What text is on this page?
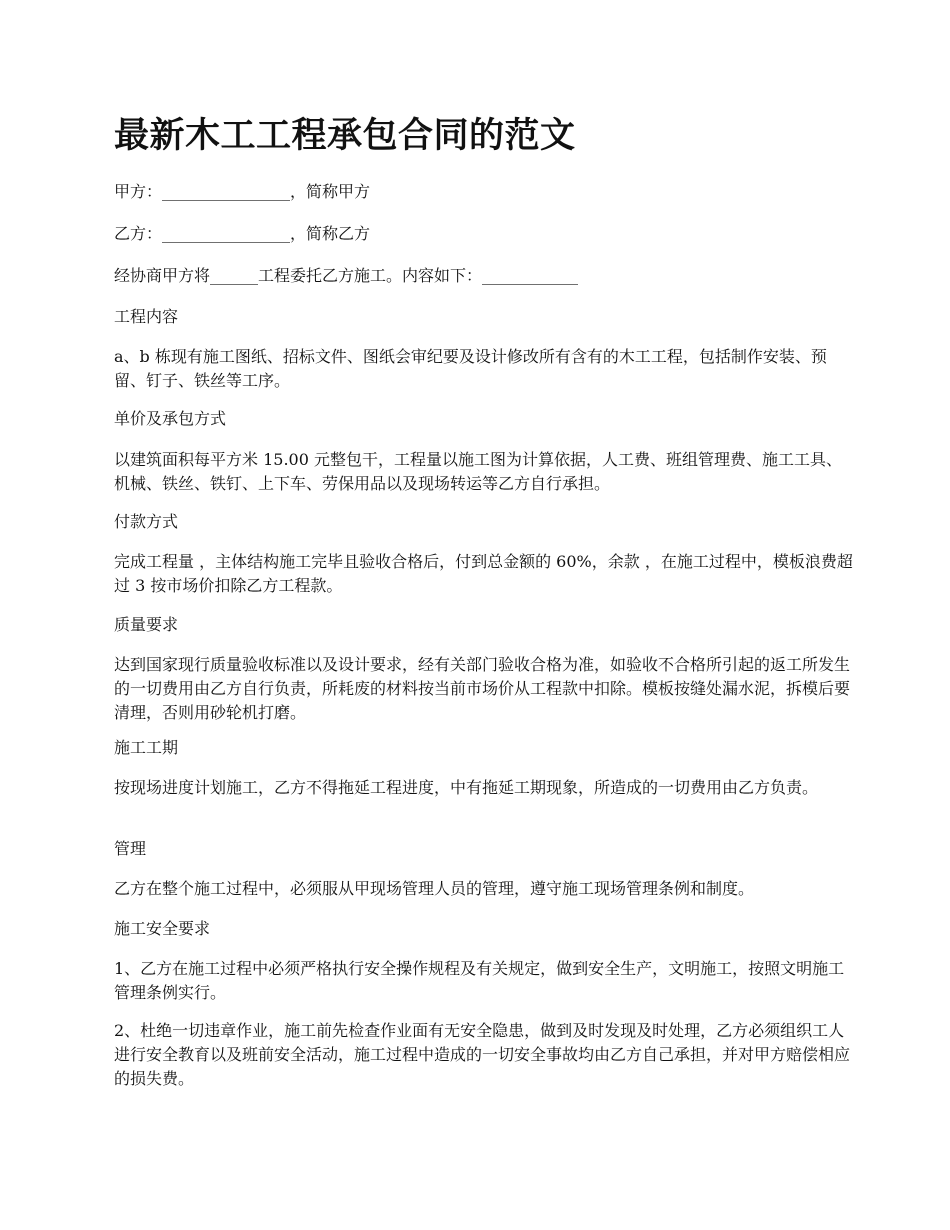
最新木工工程承包合同的范文

甲方：________________，简称甲方

乙方：________________，简称乙方

经协商甲方将______工程委托乙方施工。内容如下：____________

工程内容

a、b 栋现有施工图纸、招标文件、图纸会审纪要及设计修改所有含有的木工工程，包括制作安装、预留、钉子、铁丝等工序。

单价及承包方式

以建筑面积每平方米 15.00 元整包干，工程量以施工图为计算依据，人工费、班组管理费、施工工具、机械、铁丝、铁钉、上下车、劳保用品以及现场转运等乙方自行承担。

付款方式

完成工程量 ，主体结构施工完毕且验收合格后，付到总金额的 60%，余款 ，在施工过程中，模板浪费超过 3 按市场价扣除乙方工程款。

质量要求

达到国家现行质量验收标准以及设计要求，经有关部门验收合格为准，如验收不合格所引起的返工所发生的一切费用由乙方自行负责，所耗废的材料按当前市场价从工程款中扣除。模板按缝处漏水泥，拆模后要清理，否则用砂轮机打磨。

施工工期

按现场进度计划施工，乙方不得拖延工程进度，中有拖延工期现象，所造成的一切费用由乙方负责。

管理

乙方在整个施工过程中，必须服从甲现场管理人员的管理，遵守施工现场管理条例和制度。

施工安全要求

1、乙方在施工过程中必须严格执行安全操作规程及有关规定，做到安全生产，文明施工，按照文明施工管理条例实行。

2、杜绝一切违章作业，施工前先检查作业面有无安全隐患，做到及时发现及时处理，乙方必须组织工人进行安全教育以及班前安全活动，施工过程中造成的一切安全事故均由乙方自己承担，并对甲方赔偿相应的损失费。
